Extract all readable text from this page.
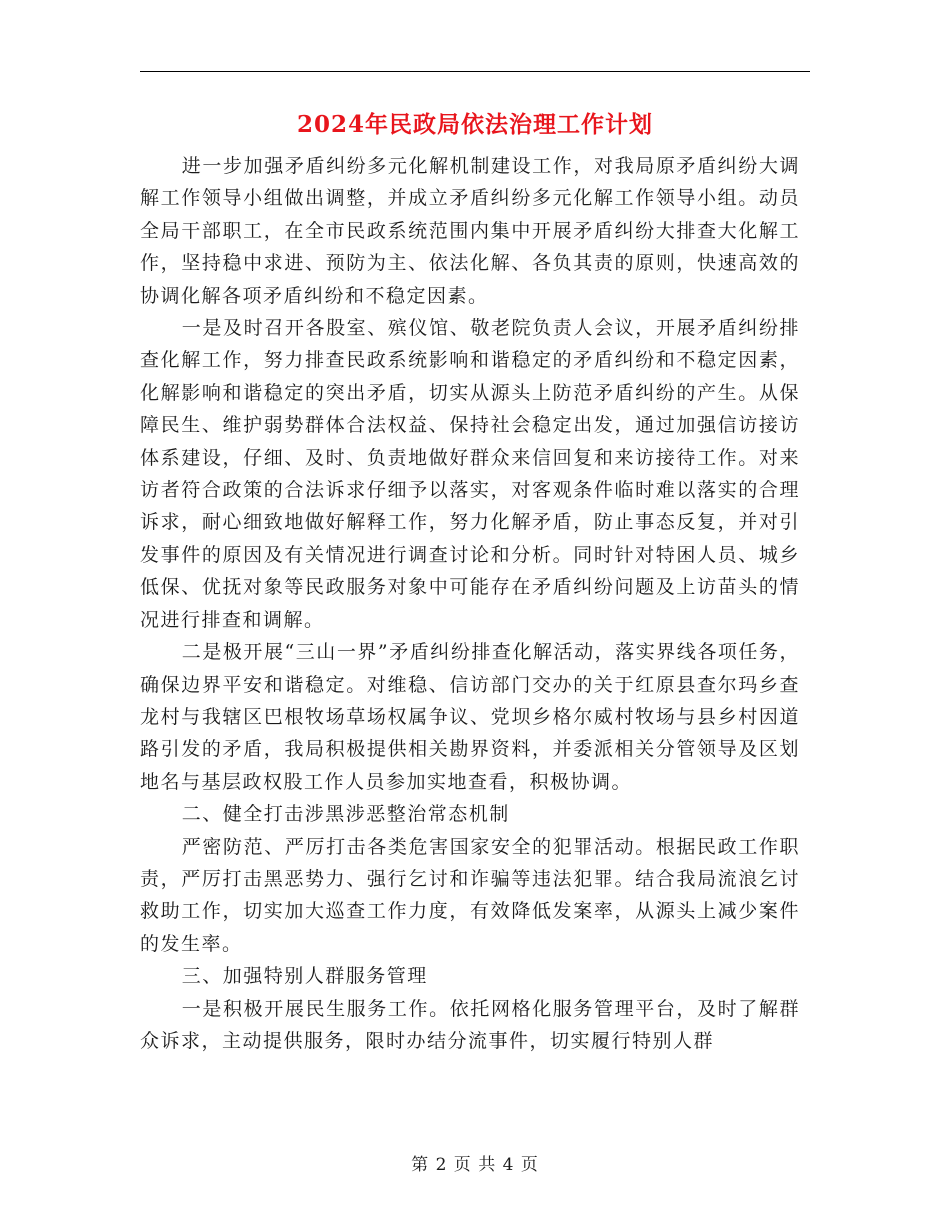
2024年民政局依法治理工作计划

进一步加强矛盾纠纷多元化解机制建设工作，对我局原矛盾纠纷大调解工作领导小组做出调整，并成立矛盾纠纷多元化解工作领导小组。动员全局干部职工，在全市民政系统范围内集中开展矛盾纠纷大排查大化解工作，坚持稳中求进、预防为主、依法化解、各负其责的原则，快速高效的协调化解各项矛盾纠纷和不稳定因素。

一是及时召开各股室、殡仪馆、敬老院负责人会议，开展矛盾纠纷排查化解工作，努力排查民政系统影响和谐稳定的矛盾纠纷和不稳定因素，化解影响和谐稳定的突出矛盾，切实从源头上防范矛盾纠纷的产生。从保障民生、维护弱势群体合法权益、保持社会稳定出发，通过加强信访接访体系建设，仔细、及时、负责地做好群众来信回复和来访接待工作。对来访者符合政策的合法诉求仔细予以落实，对客观条件临时难以落实的合理诉求，耐心细致地做好解释工作，努力化解矛盾，防止事态反复，并对引发事件的原因及有关情况进行调查讨论和分析。同时针对特困人员、城乡低保、优抚对象等民政服务对象中可能存在矛盾纠纷问题及上访苗头的情况进行排查和调解。

二是极开展“三山一界”矛盾纠纷排查化解活动，落实界线各项任务，确保边界平安和谐稳定。对维稳、信访部门交办的关于红原县查尔玛乡查龙村与我辖区巴根牧场草场权属争议、党坝乡格尔威村牧场与县乡村因道路引发的矛盾，我局积极提供相关勘界资料，并委派相关分管领导及区划地名与基层政权股工作人员参加实地查看，积极协调。

二、健全打击涉黑涉恶整治常态机制

严密防范、严厉打击各类危害国家安全的犯罪活动。根据民政工作职责，严厉打击黑恶势力、强行乞讨和诈骗等违法犯罪。结合我局流浪乞讨救助工作，切实加大巡查工作力度，有效降低发案率，从源头上减少案件的发生率。

三、加强特别人群服务管理

一是积极开展民生服务工作。依托网格化服务管理平台，及时了解群众诉求，主动提供服务，限时办结分流事件，切实履行特别人群

第 2 页 共 4 页
